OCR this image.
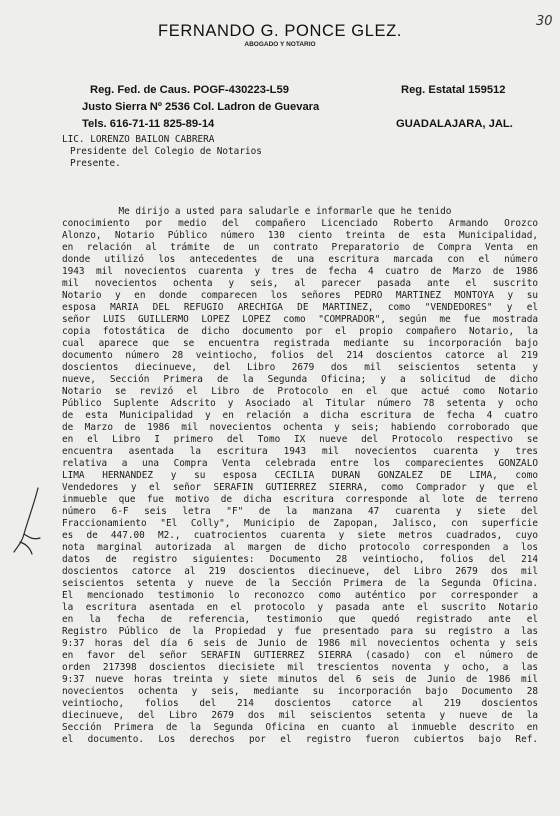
30
FERNANDO G. PONCE GLEZ.
ABOGADO Y NOTARIO
Reg. Fed. de Caus. POGF-430223-L59	Reg. Estatal 159512
Justo Sierra Nº 2536 Col. Ladron de Guevara
Tels. 616-71-11 825-89-14	GUADALAJARA, JAL.
LIC. LORENZO BAILON CABRERA
Presidente del Colegio de Notarios
Presente.
Me dirijo a usted para saludarle e informarle que he tenido
conocimiento por medio del compañero Licenciado Roberto Armando Orozco
Alonzo, Notario Público número 130 ciento treinta de esta Municipalidad,
en relación al trámite de un contrato Preparatorio de Compra Venta en
donde utilizó los antecedentes de una escritura marcada con el número
1943 mil novecientos cuarenta y tres de fecha 4 cuatro de Marzo de 1986
mil novecientos ochenta y seis, al parecer pasada ante el suscrito
Notario y en donde comparecen los señores PEDRO MARTINEZ MONTOYA y su
esposa MARIA DEL REFUGIO ARECHIGA DE MARTINEZ, como "VENDEDORES" y el
señor LUIS GUILLERMO LOPEZ LOPEZ como "COMPRADOR", según me fue mostrada
copia fotostática de dicho documento por el propio compañero Notario, la
cual aparece que se encuentra registrada mediante su incorporación bajo
documento número 28 veintiocho, folios del 214 doscientos catorce al 219
doscientos diecinueve, del Libro 2679 dos mil seiscientos setenta y
nueve, Sección Primera de la Segunda Oficina; y a solicitud de dicho
Notario se revizó el Libro de Protocolo en el que actué como Notario
Público Suplente Adscrito y Asociado al Titular número 78 setenta y ocho
de esta Municipalidad y en relación a dicha escritura de fecha 4 cuatro
de Marzo de 1986 mil novecientos ochenta y seis; habiendo corroborado que
en el Libro I primero del Tomo IX nueve del Protocolo respectivo se
encuentra asentada la escritura 1943 mil novecientos cuarenta y tres
relativa a una Compra Venta celebrada entre los comparecientes GONZALO
LIMA HERNANDEZ y su esposa CECILIA DURAN GONZALEZ DE LIMA, como
Vendedores y el señor SERAFIN GUTIERREZ SIERRA, como Comprador y que el
inmueble que fue motivo de dicha escritura corresponde al lote de terreno
número 6-F seis letra "F" de la manzana 47 cuarenta y siete del
Fraccionamiento "El Colly", Municipio de Zapopan, Jalisco, con superficie
es de 447.00 M2., cuatrocientos cuarenta y siete metros cuadrados, cuyo
nota marginal autorizada al margen de dicho protocolo corresponden a los
datos de registro siguientes: Documento 28 veintiocho, folios del 214
doscientos catorce al 219 doscientos diecinueve, del Libro 2679 dos mil
seiscientos setenta y nueve de la Sección Primera de la Segunda Oficina.
El mencionado testimonio lo reconozco como auténtico por corresponder a
la escritura asentada en el protocolo y pasada ante el suscrito Notario
en la fecha de referencia, testimonio que quedó registrado ante el
Registro Público de la Propiedad y fue presentado para su registro a las
9:37 horas del día 6 seis de Junio de 1986 mil novecientos ochenta y seis
en favor del señor SERAFIN GUTIERREZ SIERRA (casado) con el número de
orden 217398 doscientos diecisiete mil trescientos noventa y ocho, a las
9:37 nueve horas treinta y siete minutos del 6 seis de Junio de 1986 mil
novecientos ochenta y seis, mediante su incorporación bajo Documento 28
veintiocho, folios del 214 doscientos catorce al 219 doscientos
diecinueve, del Libro 2679 dos mil seiscientos setenta y nueve de la
Sección Primera de la Segunda Oficina en cuanto al inmueble descrito en
el documento. Los derechos por el registro fueron cubiertos bajo Ref.
